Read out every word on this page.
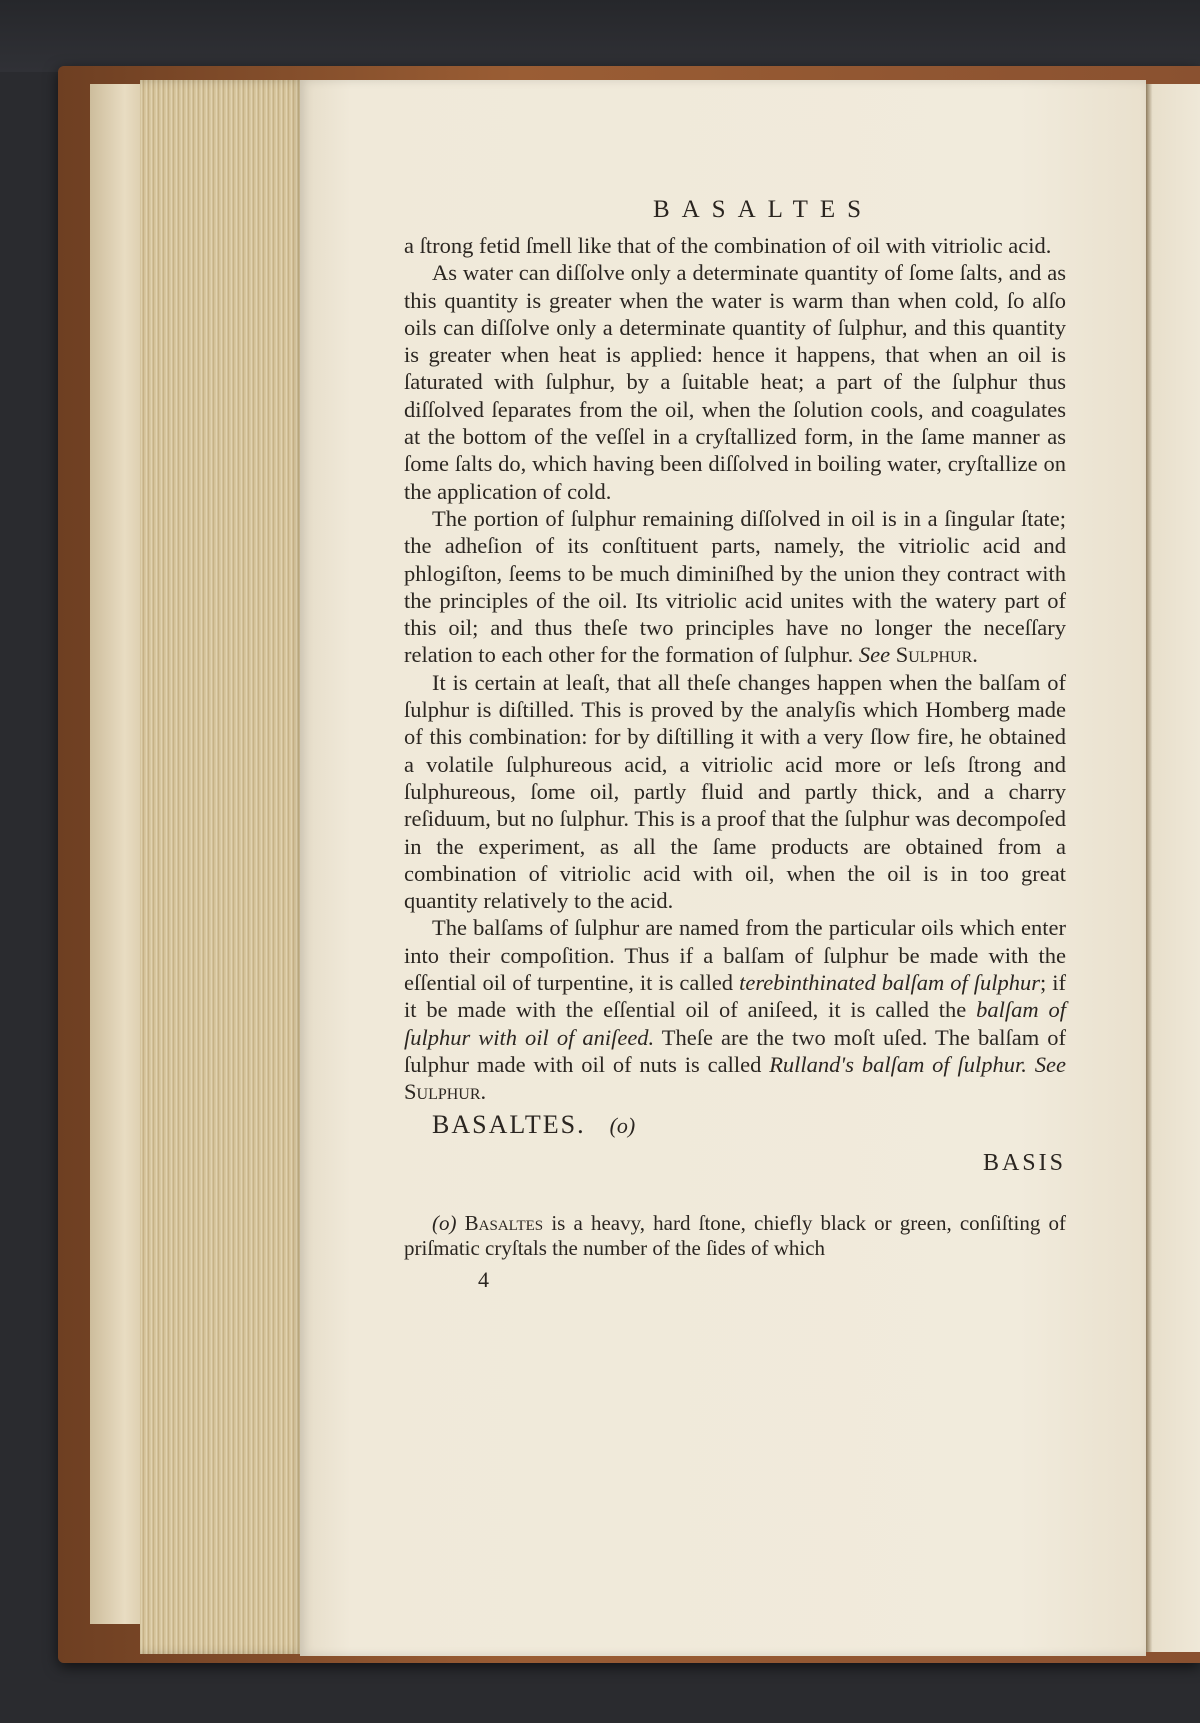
BASALTES

a ſtrong fetid ſmell like that of the combination of oil with vitriolic acid.

As water can diſſolve only a determinate quantity of ſome ſalts, and as this quantity is greater when the water is warm than when cold, ſo alſo oils can diſſolve only a determinate quantity of ſulphur, and this quantity is greater when heat is applied: hence it happens, that when an oil is ſaturated with ſulphur, by a ſuitable heat; a part of the ſulphur thus diſſolved ſeparates from the oil, when the ſolution cools, and coagulates at the bottom of the veſſel in a cryſtallized form, in the ſame manner as ſome ſalts do, which having been diſſolved in boiling water, cryſtallize on the application of cold.

The portion of ſulphur remaining diſſolved in oil is in a ſingular ſtate; the adheſion of its conſtituent parts, namely, the vitriolic acid and phlogiſton, ſeems to be much diminiſhed by the union they contract with the principles of the oil. Its vitriolic acid unites with the watery part of this oil; and thus theſe two principles have no longer the neceſſary relation to each other for the formation of ſulphur. See Sulphur.

It is certain at leaſt, that all theſe changes happen when the balſam of ſulphur is diſtilled. This is proved by the analyſis which Homberg made of this combination: for by diſtilling it with a very ſlow fire, he obtained a volatile ſulphureous acid, a vitriolic acid more or leſs ſtrong and ſulphureous, ſome oil, partly fluid and partly thick, and a charry reſiduum, but no ſulphur. This is a proof that the ſulphur was decompoſed in the experiment, as all the ſame products are obtained from a combination of vitriolic acid with oil, when the oil is in too great quantity relatively to the acid.

The balſams of ſulphur are named from the particular oils which enter into their compoſition. Thus if a balſam of ſulphur be made with the eſſential oil of turpentine, it is called terebinthinated balſam of ſulphur; if it be made with the eſſential oil of aniſeed, it is called the balſam of ſulphur with oil of aniſeed. Theſe are the two moſt uſed. The balſam of ſulphur made with oil of nuts is called Rulland's balſam of ſulphur. See Sulphur.

BASALTES. (o)
BASIS
(o) Basaltes is a heavy, hard ſtone, chiefly black or green, conſiſting of priſmatic cryſtals the number of the ſides of which
4
